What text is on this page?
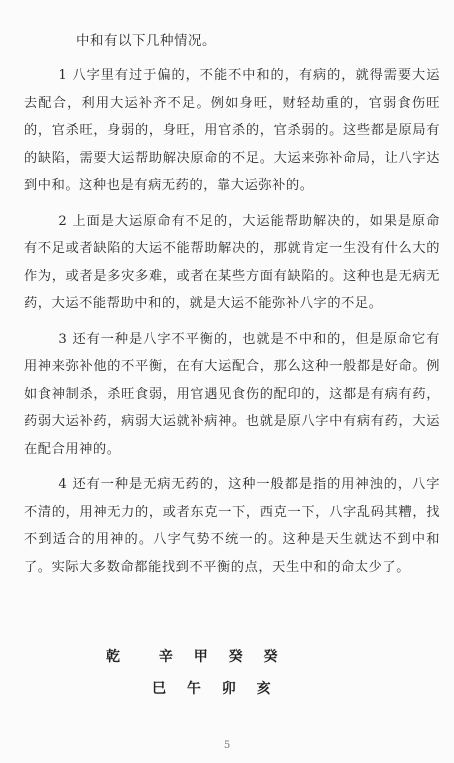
中和有以下几种情况。

1 八字里有过于偏的，不能不中和的，有病的，就得需要大运去配合，利用大运补齐不足。例如身旺，财轻劫重的，官弱食伤旺的，官杀旺，身弱的，身旺，用官杀的，官杀弱的。这些都是原局有的缺陷，需要大运帮助解决原命的不足。大运来弥补命局，让八字达到中和。这种也是有病无药的，靠大运弥补的。

2 上面是大运原命有不足的，大运能帮助解决的，如果是原命有不足或者缺陷的大运不能帮助解决的，那就肯定一生没有什么大的作为，或者是多灾多难，或者在某些方面有缺陷的。这种也是无病无药，大运不能帮助中和的，就是大运不能弥补八字的不足。

3 还有一种是八字不平衡的，也就是不中和的，但是原命它有用神来弥补他的不平衡，在有大运配合，那么这种一般都是好命。例如食神制杀，杀旺食弱，用官遇见食伤的配印的，这都是有病有药，药弱大运补药，病弱大运就补病神。也就是原八字中有病有药，大运在配合用神的。

4 还有一种是无病无药的，这种一般都是指的用神浊的，八字不清的，用神无力的，或者东克一下，西克一下，八字乱码其糟，找不到适合的用神的。八字气势不统一的。这种是天生就达不到中和了。实际大多数命都能找到不平衡的点，天生中和的命太少了。

乾	辛 甲 癸 癸
巳 午 卯 亥
5
